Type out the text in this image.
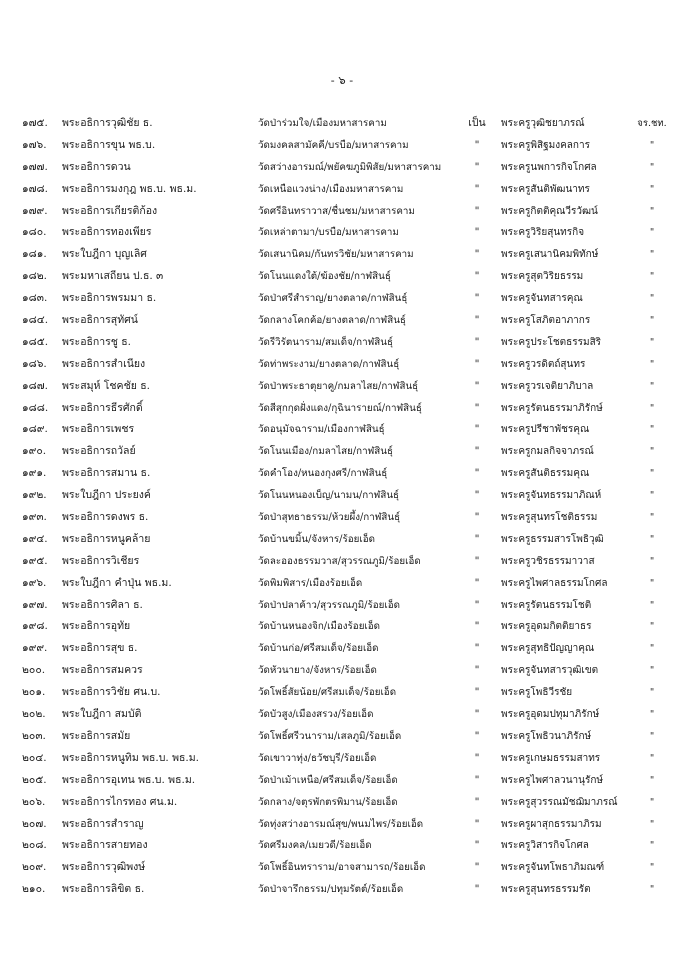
- ๖ -
๑๗๕.	พระอธิการวุฒิชัย ธ.	วัดป่าร่วมใจ/เมืองมหาสารคาม	เป็น	พระครูวุฒิชยาภรณ์	จร.ชท.
๑๗๖.	พระอธิการขุน พธ.บ.	วัดมงคลสามัคคี/บรบือ/มหาสารคาม	"	พระครูพิสิฐมงคลการ	"
๑๗๗.	พระอธิการดวน	วัดสว่างอารมณ์/พยัคฆภูมิพิสัย/มหาสารคาม	"	พระครูนพการกิจโกศล	"
๑๗๘.	พระอธิการมงกุฎ พธ.บ. พธ.ม.	วัดเหนือแวงน่าง/เมืองมหาสารคาม	"	พระครูสันติพัฒนาทร	"
๑๗๙.	พระอธิการเกียรติก้อง	วัดศรีอินทราวาส/ชื่นชม/มหาสารคาม	"	พระครูกิตติคุณวีรวัฒน์	"
๑๘๐.	พระอธิการทองเพียร	วัดเหล่าตามา/บรบือ/มหาสารคาม	"	พระครูวิริยสุนทรกิจ	"
๑๘๑.	พระใบฎีกา บุญเลิศ	วัดเสนานิคม/กันทรวิชัย/มหาสารคาม	"	พระครูเสนานิคมพิทักษ์	"
๑๘๒.	พระมหาเสถียน ป.ธ. ๓	วัดโนนแดงใต้/ฆ้องชัย/กาฬสินธุ์	"	พระครูสุตวิริยธรรม	"
๑๘๓.	พระอธิการพรมมา ธ.	วัดป่าศรีสำราญ/ยางตลาด/กาฬสินธุ์	"	พระครูจันทสารคุณ	"
๑๘๔.	พระอธิการสุทัศน์	วัดกลางโคกค้อ/ยางตลาด/กาฬสินธุ์	"	พระครูโสภิตอาภากร	"
๑๘๕.	พระอธิการชู ธ.	วัดรีวิรัตนาราม/สมเด็จ/กาฬสินธุ์	"	พระครูประโชตธรรมสิริ	"
๑๘๖.	พระอธิการสำเนียง	วัดท่าพระงาม/ยางตลาด/กาฬสินธุ์	"	พระครูวรดิตถ์สุนทร	"
๑๘๗.	พระสมุห์ โชคชัย ธ.	วัดป่าพระธาตุยาคู/กมลาไสย/กาฬสินธุ์	"	พระครูวรเจติยาภิบาล	"
๑๘๘.	พระอธิการธีรศักดิ์	วัดสีสุกกุดฝั่งแดง/กุฉินารายณ์/กาฬสินธุ์	"	พระครูรัตนธรรมาภิรักษ์	"
๑๘๙.	พระอธิการเพชร	วัดอนุมัจฉาราม/เมืองกาฬสินธุ์	"	พระครูปรีชาพัชรคุณ	"
๑๙๐.	พระอธิการถวัลย์	วัดโนนเมือง/กมลาไสย/กาฬสินธุ์	"	พระครูกมลกิจจาภรณ์	"
๑๙๑.	พระอธิการสมาน ธ.	วัดคำโอง/หนองกุงศรี/กาฬสินธุ์	"	พระครูสันติธรรมคุณ	"
๑๙๒.	พระใบฎีกา ประยงค์	วัดโนนหนองเบ็ญ/นามน/กาฬสินธุ์	"	พระครูจันทธรรมาภิณห์	"
๑๙๓.	พระอธิการดงพร ธ.	วัดป่าสุทธาธรรม/ห้วยผึ้ง/กาฬสินธุ์	"	พระครูสุนทรโชติธรรม	"
๑๙๔.	พระอธิการหนูคล้าย	วัดบ้านขมิ้น/จังหาร/ร้อยเอ็ด	"	พระครูธรรมสารโพธิวุฒิ	"
๑๙๕.	พระอธิการวิเชียร	วัดละอองธรรมวาส/สุวรรณภูมิ/ร้อยเอ็ด	"	พระครูวชิรธรรมาวาส	"
๑๙๖.	พระใบฎีกา คำปุ่น พธ.ม.	วัดพิมพิสาร/เมืองร้อยเอ็ด	"	พระครูไพศาลธรรมโกศล	"
๑๙๗.	พระอธิการศิลา ธ.	วัดป่าปลาค้าว/สุวรรณภูมิ/ร้อยเอ็ด	"	พระครูรัตนธรรมโชติ	"
๑๙๘.	พระอธิการอุทัย	วัดบ้านหนองจิก/เมืองร้อยเอ็ด	"	พระครูอุดมกิตติยาธร	"
๑๙๙.	พระอธิการสุข ธ.	วัดบ้านก่อ/ศรีสมเด็จ/ร้อยเอ็ด	"	พระครูสุทธิปัญญาคุณ	"
๒๐๐.	พระอธิการสมควร	วัดหัวนายาง/จังหาร/ร้อยเอ็ด	"	พระครูจันทสารวุฒิเขต	"
๒๐๑.	พระอธิการวิชัย ศน.บ.	วัดโพธิ์สัยน้อย/ศรีสมเด็จ/ร้อยเอ็ด	"	พระครูโพธิวีรชัย	"
๒๐๒.	พระใบฎีกา สมบัติ	วัดบัวสูง/เมืองสรวง/ร้อยเอ็ด	"	พระครูอุดมปทุมาภิรักษ์	"
๒๐๓.	พระอธิการสมัย	วัดโพธิ์ศรีวนาราม/เสลภูมิ/ร้อยเอ็ด	"	พระครูโพธิวนาภิรักษ์	"
๒๐๔.	พระอธิการหนูทิม พธ.บ. พธ.ม.	วัดเขาวาทุ่ง/ธวัชบุรี/ร้อยเอ็ด	"	พระครูเกษมธรรมสาทร	"
๒๐๕.	พระอธิการอุเทน พธ.บ. พธ.ม.	วัดป่าเม้าเหนือ/ศรีสมเด็จ/ร้อยเอ็ด	"	พระครูไพศาลวนานุรักษ์	"
๒๐๖.	พระอธิการไกรทอง ศน.ม.	วัดกลาง/จตุรพักตรพิมาน/ร้อยเอ็ด	"	พระครูสุวรรณมัชฌิมาภรณ์	"
๒๐๗.	พระอธิการสำราญ	วัดทุ่งสว่างอารมณ์สุข/พนมไพร/ร้อยเอ็ด	"	พระครูผาสุกธรรมาภิรม	"
๒๐๘.	พระอธิการสายทอง	วัดศรีมงคล/เมยวดี/ร้อยเอ็ด	"	พระครูวิสารกิจโกศล	"
๒๐๙.	พระอธิการวุฒิพงษ์	วัดโพธิ์อินทราราม/อาจสามารถ/ร้อยเอ็ด	"	พระครูจันทโพธาภิมณฑ์	"
๒๑๐.	พระอธิการลิขิต ธ.	วัดป่าจารึกธรรม/ปทุมรัตต์/ร้อยเอ็ด	"	พระครูสุนทรธรรมรัต	"
